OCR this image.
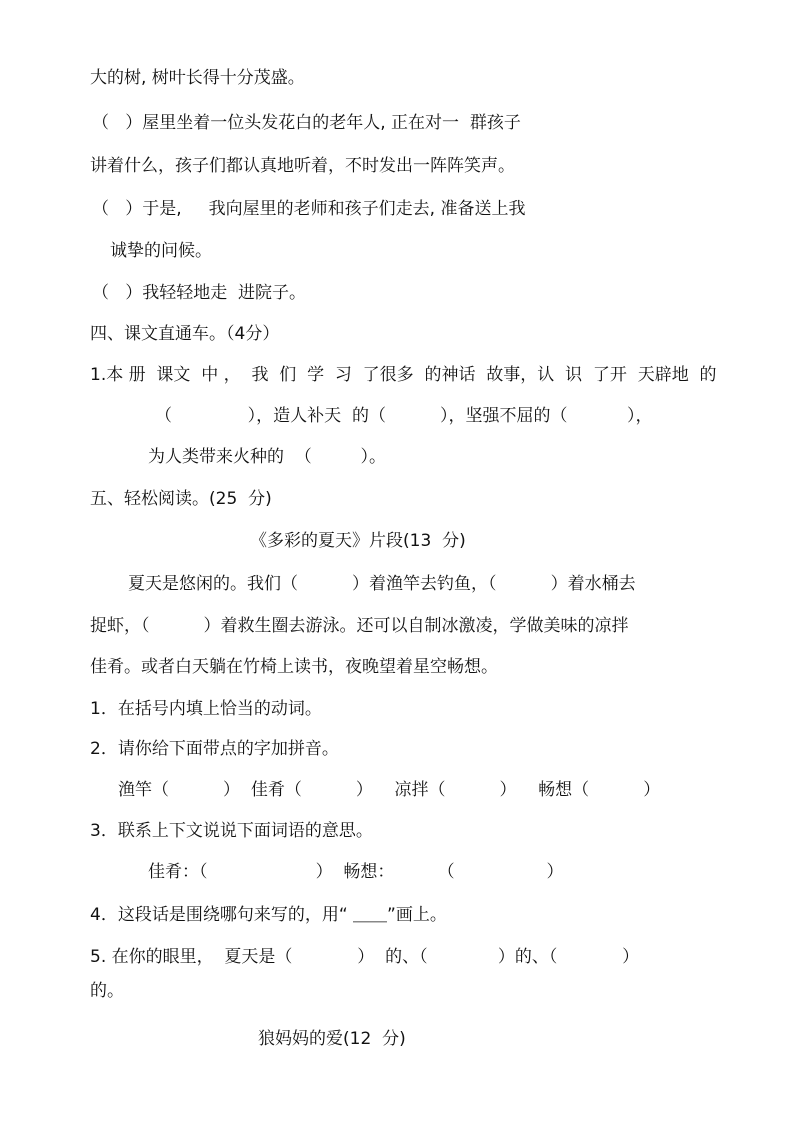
大的树, 树叶长得十分茂盛。
（   ）屋里坐着一位头发花白的老年人, 正在对一  群孩子
讲着什么，孩子们都认真地听着，不时发出一阵阵笑声。
（   ）于是,     我向屋里的老师和孩子们走去, 准备送上我
诚挚的问候。
（   ）我轻轻地走  进院子。
四、课文直通车。（4分）
1.本 册  课文  中 ，  我  们  学  习  了很多  的神话  故事，认  识  了开  天辟地  的
（              ），造人补天  的（          ），坚强不屈的（           ），
为人类带来火种的  （         ）。
五、轻松阅读。(25  分)
《多彩的夏天》片段(13  分)
夏天是悠闲的。我们（          ）着渔竿去钓鱼，（          ）着水桶去
捉虾，（          ）着救生圈去游泳。还可以自制冰激凌，学做美味的凉拌
佳肴。或者白天躺在竹椅上读书，夜晚望着星空畅想。
1．在括号内填上恰当的动词。
2．请你给下面带点的字加拼音。
渔竿（          ）  佳肴（          ）    凉拌（          ）    畅想（          ）
3．联系上下文说说下面词语的意思。
佳肴：（                    ）  畅想：        （                 ）
4．这段话是围绕哪句来写的，用“ ＿＿”画上。
5. 在你的眼里，  夏天是（            ）  的、（             ）的、（            ）
的。
狼妈妈的爱(12  分)
